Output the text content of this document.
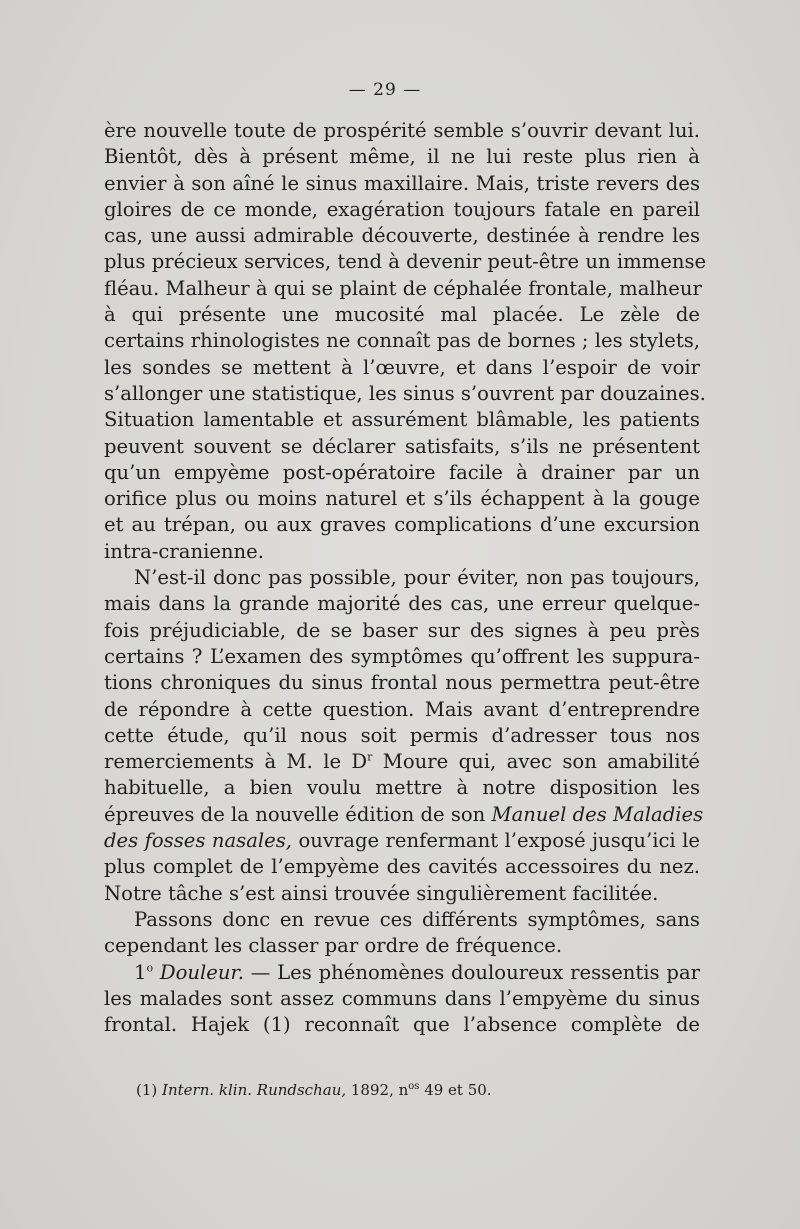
— 29 —
ère nouvelle toute de prospérité semble s’ouvrir devant lui.
Bientôt, dès à présent même, il ne lui reste plus rien à
envier à son aîné le sinus maxillaire. Mais, triste revers des
gloires de ce monde, exagération toujours fatale en pareil
cas, une aussi admirable découverte, destinée à rendre les
plus précieux services, tend à devenir peut-être un immense
fléau. Malheur à qui se plaint de céphalée frontale, malheur
à qui présente une mucosité mal placée. Le zèle de
certains rhinologistes ne connaît pas de bornes ; les stylets,
les sondes se mettent à l’œuvre, et dans l’espoir de voir
s’allonger une statistique, les sinus s’ouvrent par douzaines.
Situation lamentable et assurément blâmable, les patients
peuvent souvent se déclarer satisfaits, s’ils ne présentent
qu’un empyème post-opératoire facile à drainer par un
orifice plus ou moins naturel et s’ils échappent à la gouge
et au trépan, ou aux graves complications d’une excursion
intra-cranienne.
N’est-il donc pas possible, pour éviter, non pas toujours,
mais dans la grande majorité des cas, une erreur quelque-
fois préjudiciable, de se baser sur des signes à peu près
certains ? L’examen des symptômes qu’offrent les suppura-
tions chroniques du sinus frontal nous permettra peut-être
de répondre à cette question. Mais avant d’entreprendre
cette étude, qu’il nous soit permis d’adresser tous nos
remerciements à M. le $D^r$ Moure qui, avec son amabilité
habituelle, a bien voulu mettre à notre disposition les
épreuves de la nouvelle édition de son Manuel des Maladies
des fosses nasales, ouvrage renfermant l’exposé jusqu’ici le
plus complet de l’empyème des cavités accessoires du nez.
Notre tâche s’est ainsi trouvée singulièrement facilitée.
Passons donc en revue ces différents symptômes, sans
cependant les classer par ordre de fréquence.
1$^o$ Douleur. — Les phénomènes douloureux ressentis par
les malades sont assez communs dans l’empyème du sinus
frontal. Hajek (1) reconnaît que l’absence complète de
(1) Intern. klin. Rundschau, 1892, $n^{os}$ 49 et 50.
